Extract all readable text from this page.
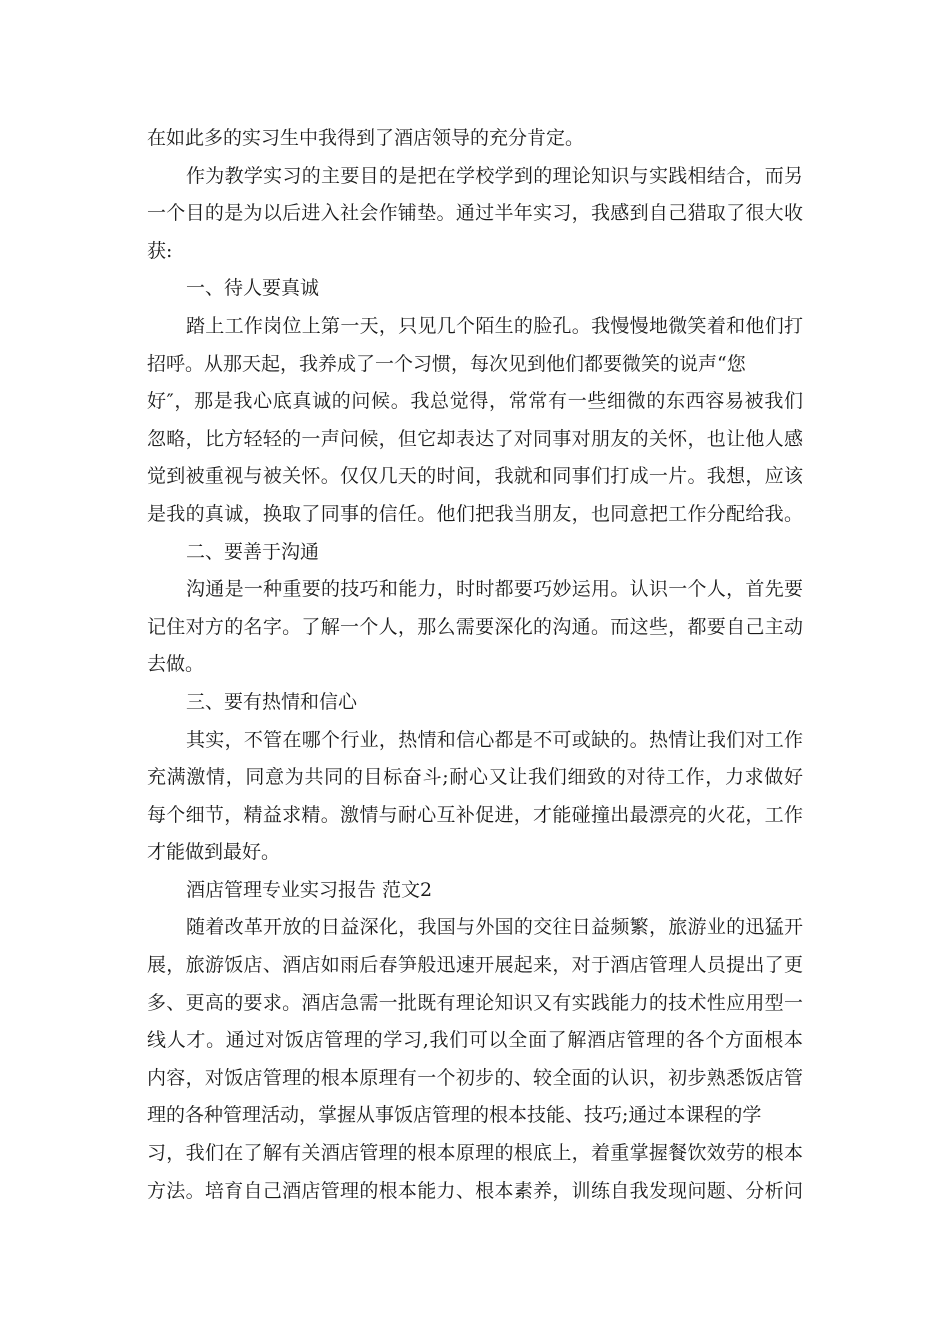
在如此多的实习生中我得到了酒店领导的充分肯定。
作为教学实习的主要目的是把在学校学到的理论知识与实践相结合，而另
一个目的是为以后进入社会作铺垫。通过半年实习，我感到自己猎取了很大收
获:
一、待人要真诚
踏上工作岗位上第一天，只见几个陌生的脸孔。我慢慢地微笑着和他们打
招呼。从那天起，我养成了一个习惯，每次见到他们都要微笑的说声“您
好″，那是我心底真诚的问候。我总觉得，常常有一些细微的东西容易被我们
忽略，比方轻轻的一声问候，但它却表达了对同事对朋友的关怀，也让他人感
觉到被重视与被关怀。仅仅几天的时间，我就和同事们打成一片。我想，应该
是我的真诚，换取了同事的信任。他们把我当朋友，也同意把工作分配给我。
二、要善于沟通
沟通是一种重要的技巧和能力，时时都要巧妙运用。认识一个人，首先要
记住对方的名字。了解一个人，那么需要深化的沟通。而这些，都要自己主动
去做。
三、要有热情和信心
其实，不管在哪个行业，热情和信心都是不可或缺的。热情让我们对工作
充满激情，同意为共同的目标奋斗;耐心又让我们细致的对待工作，力求做好
每个细节，精益求精。激情与耐心互补促进，才能碰撞出最漂亮的火花，工作
才能做到最好。
酒店管理专业实习报告 范文2
随着改革开放的日益深化，我国与外国的交往日益频繁，旅游业的迅猛开
展，旅游饭店、酒店如雨后春笋般迅速开展起来，对于酒店管理人员提出了更
多、更高的要求。酒店急需一批既有理论知识又有实践能力的技术性应用型一
线人才。通过对饭店管理的学习,我们可以全面了解酒店管理的各个方面根本
内容，对饭店管理的根本原理有一个初步的、较全面的认识，初步熟悉饭店管
理的各种管理活动，掌握从事饭店管理的根本技能、技巧;通过本课程的学
习，我们在了解有关酒店管理的根本原理的根底上，着重掌握餐饮效劳的根本
方法。培育自己酒店管理的根本能力、根本素养，训练自我发现问题、分析问
